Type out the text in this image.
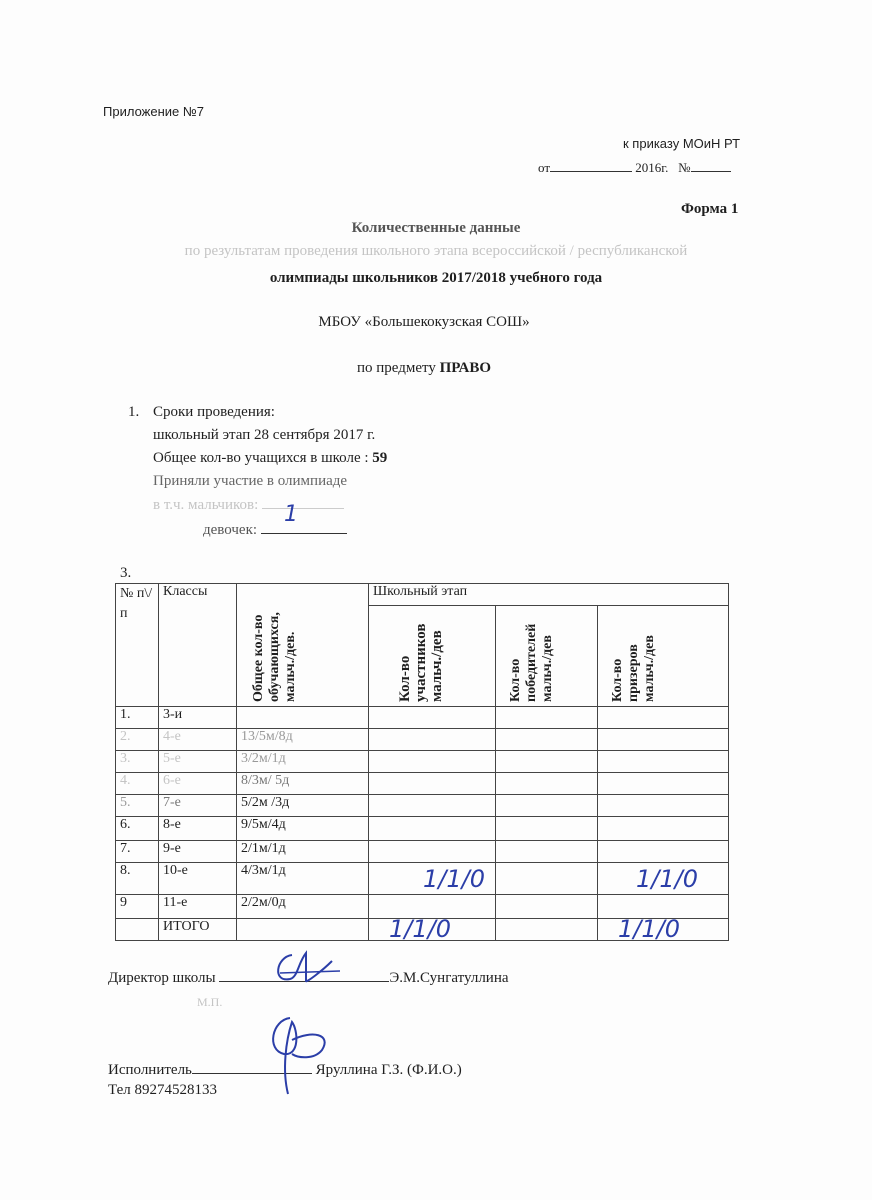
Приложение №7
к приказу МОиН РТ
от	2016г. №
Форма 1
Количественные данные
по результатам проведения школьного этапа всероссийской / республиканской
олимпиады школьников 2017/2018 учебного года
МБОУ «Большекокузская СОШ»
по предмету ПРАВО
1. Сроки проведения:
школьный этап 28 сентября 2017 г.
Общее кол-во учащихся в школе : 59
Приняли участие в олимпиаде
в т.ч. мальчиков: 1
девочек:
3.
№ п\/ п	Классы	Общее кол-во обучающихся, мальч./дев.	Школьный этап		

			Кол-во участников мальч./дев	Кол-во победителей мальч./дев	Кол-во призеров мальч./дев

1.	3-и				
2.	4-е	13/5м/8д			
3.	5-е	3/2м/1д			
4.	6-е	8/3м/ 5д			
5.	7-е	5/2м /3д			
6.	8-е	9/5м/4д			
7.	9-е	2/1м/1д			
8.	10-е	4/3м/1д	1/1/0		1/1/0
9	11-е	2/2м/0д			
	ИТОГО		1/1/0		1/1/0
Директор школы	Э.М.Сунгатуллина
М.П.
Исполнитель	Яруллина Г.З. (Ф.И.О.)
Тел 89274528133
